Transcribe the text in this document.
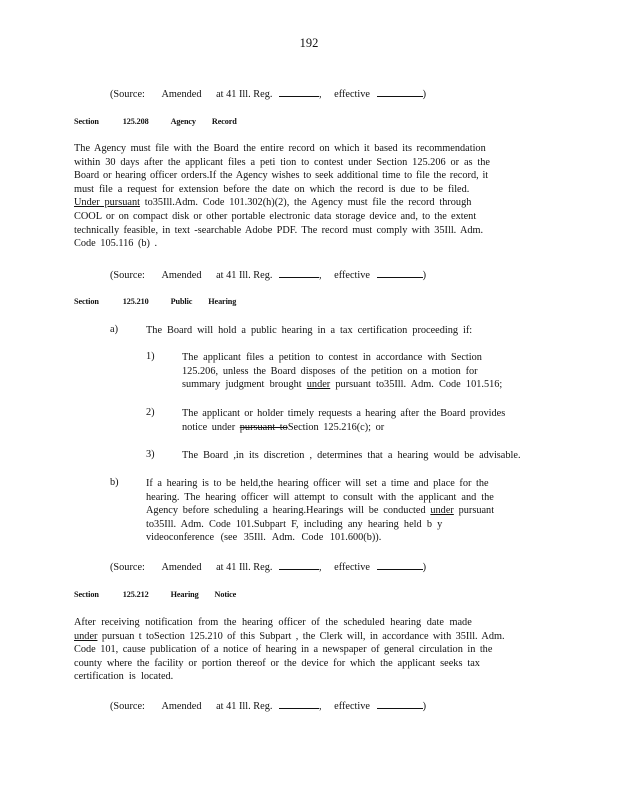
192
(Source: Amended at 41 Ill. Reg.	, effective	)
Section	125.208	Agency Record
The Agency must file with the Board the entire record on which it based its recommendation
within 30 days after the applicant files a peti tion to contest under Section 125.206 or as the
Board or hearing officer orders.If the Agency wishes to seek additional time to file the record, it
must file a request for extension before the date on which the record is due to be filed.
Under pursuant to35Ill.Adm. Code 101.302(h)(2), the Agency must file the record through
COOL or on compact disk or other portable electronic data storage device and, to the extent
technically feasible, in text -searchable Adobe PDF. The record must comply with 35Ill. Adm.
Code 105.116 (b) .
(Source: Amended at 41 Ill. Reg.	, effective	)
Section	125.210	Public Hearing
a)	The Board will hold a public hearing in a tax certification proceeding if:
1)	The applicant files a petition to contest in accordance with Section
125.206, unless the Board disposes of the petition on a motion for
summary judgment brought under pursuant to35Ill. Adm. Code 101.516;
2)	The applicant or holder timely requests a hearing after the Board provides
notice under pursuant toSection 125.216(c); or
3)	The Board ,in its discretion , determines that a hearing would be advisable.
b)	If a hearing is to be held,the hearing officer will set a time and place for the
hearing. The hearing officer will attempt to consult with the applicant and the
Agency before scheduling a hearing.Hearings will be conducted under pursuant
to35Ill. Adm. Code 101.Subpart F, including any hearing held b y
videoconference (see 35Ill. Adm. Code 101.600(b)).
(Source: Amended at 41 Ill. Reg.	, effective	)
Section	125.212	Hearing Notice
After receiving notification from the hearing officer of the scheduled hearing date made
under pursuan t toSection 125.210 of this Subpart , the Clerk will, in accordance with 35Ill. Adm.
Code 101, cause publication of a notice of hearing in a newspaper of general circulation in the
county where the facility or portion thereof or the device for which the applicant seeks tax
certification is located.
(Source: Amended at 41 Ill. Reg.	, effective	)
